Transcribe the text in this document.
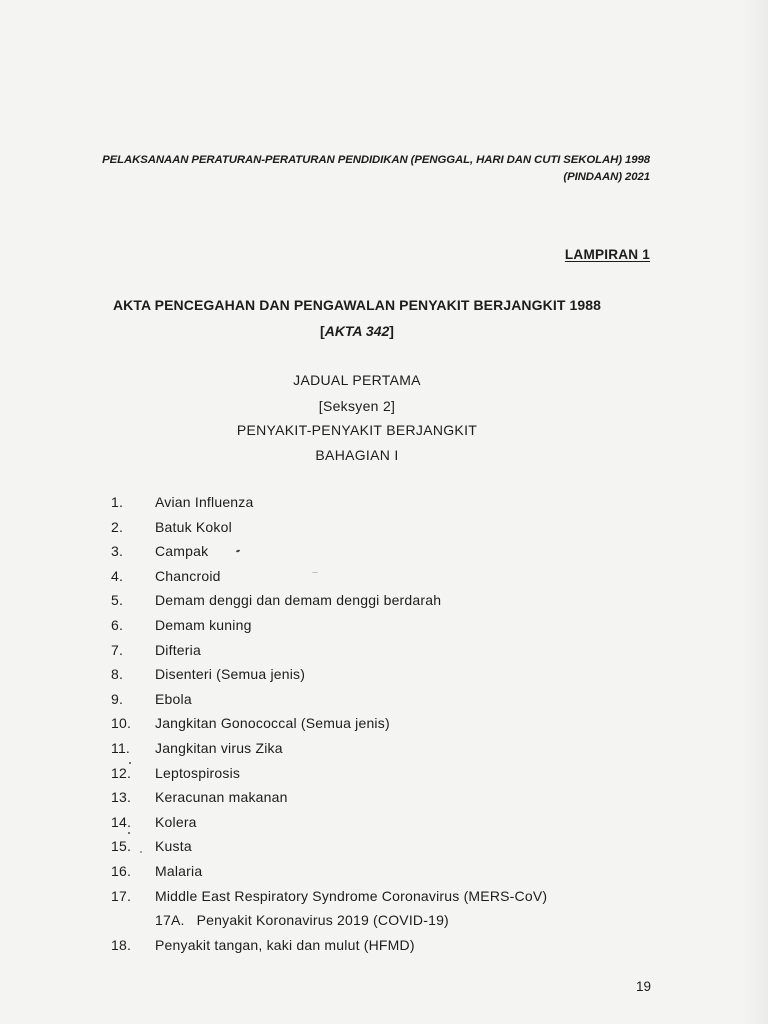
PELAKSANAAN PERATURAN-PERATURAN PENDIDIKAN (PENGGAL, HARI DAN CUTI SEKOLAH) 1998
(PINDAAN) 2021
LAMPIRAN 1
AKTA PENCEGAHAN DAN PENGAWALAN PENYAKIT BERJANGKIT 1988
[AKTA 342]
JADUAL PERTAMA
[Seksyen 2]
PENYAKIT-PENYAKIT BERJANGKIT
BAHAGIAN I
1. Avian Influenza
2. Batuk Kokol
3. Campak
4. Chancroid
5. Demam denggi dan demam denggi berdarah
6. Demam kuning
7. Difteria
8. Disenteri (Semua jenis)
9. Ebola
10. Jangkitan Gonococcal (Semua jenis)
11. Jangkitan virus Zika
12. Leptospirosis
13. Keracunan makanan
14. Kolera
15. Kusta
16. Malaria
17. Middle East Respiratory Syndrome Coronavirus (MERS-CoV)
17A. Penyakit Koronavirus 2019 (COVID-19)
18. Penyakit tangan, kaki dan mulut (HFMD)
19
